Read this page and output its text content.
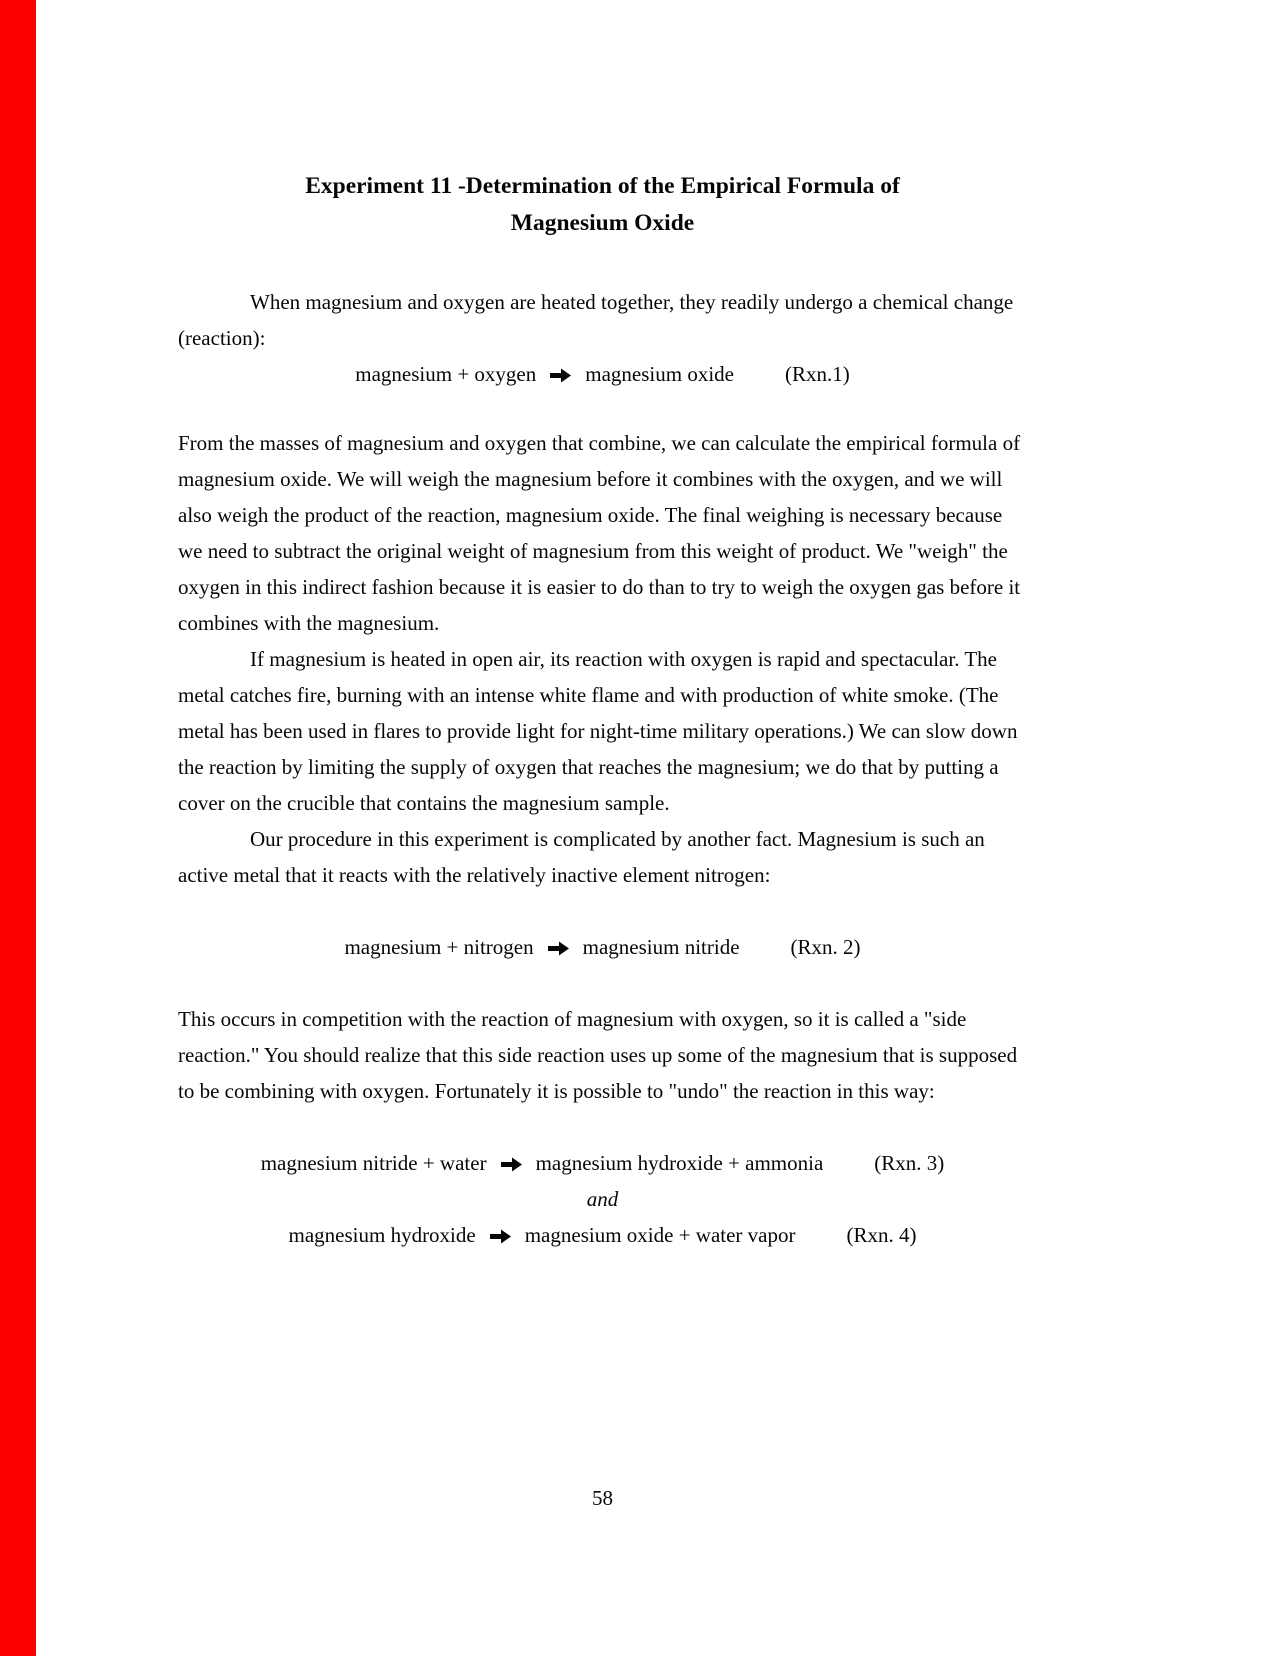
Experiment 11 -Determination of the Empirical Formula of
Magnesium Oxide

When magnesium and oxygen are heated together, they readily undergo a chemical change (reaction):

magnesium + oxygen magnesium oxide (Rxn.1)

From the masses of magnesium and oxygen that combine, we can calculate the empirical formula of magnesium oxide. We will weigh the magnesium before it combines with the oxygen, and we will also weigh the product of the reaction, magnesium oxide. The final weighing is necessary because we need to subtract the original weight of magnesium from this weight of product. We "weigh" the oxygen in this indirect fashion because it is easier to do than to try to weigh the oxygen gas before it combines with the magnesium.

If magnesium is heated in open air, its reaction with oxygen is rapid and spectacular. The metal catches fire, burning with an intense white flame and with production of white smoke. (The metal has been used in flares to provide light for night-time military operations.) We can slow down the reaction by limiting the supply of oxygen that reaches the magnesium; we do that by putting a cover on the crucible that contains the magnesium sample.

Our procedure in this experiment is complicated by another fact. Magnesium is such an active metal that it reacts with the relatively inactive element nitrogen:

magnesium + nitrogen magnesium nitride (Rxn. 2)

This occurs in competition with the reaction of magnesium with oxygen, so it is called a "side reaction." You should realize that this side reaction uses up some of the magnesium that is supposed to be combining with oxygen. Fortunately it is possible to "undo" the reaction in this way:

magnesium nitride + water magnesium hydroxide + ammonia (Rxn. 3)
and
magnesium hydroxide magnesium oxide + water vapor (Rxn. 4)
58
